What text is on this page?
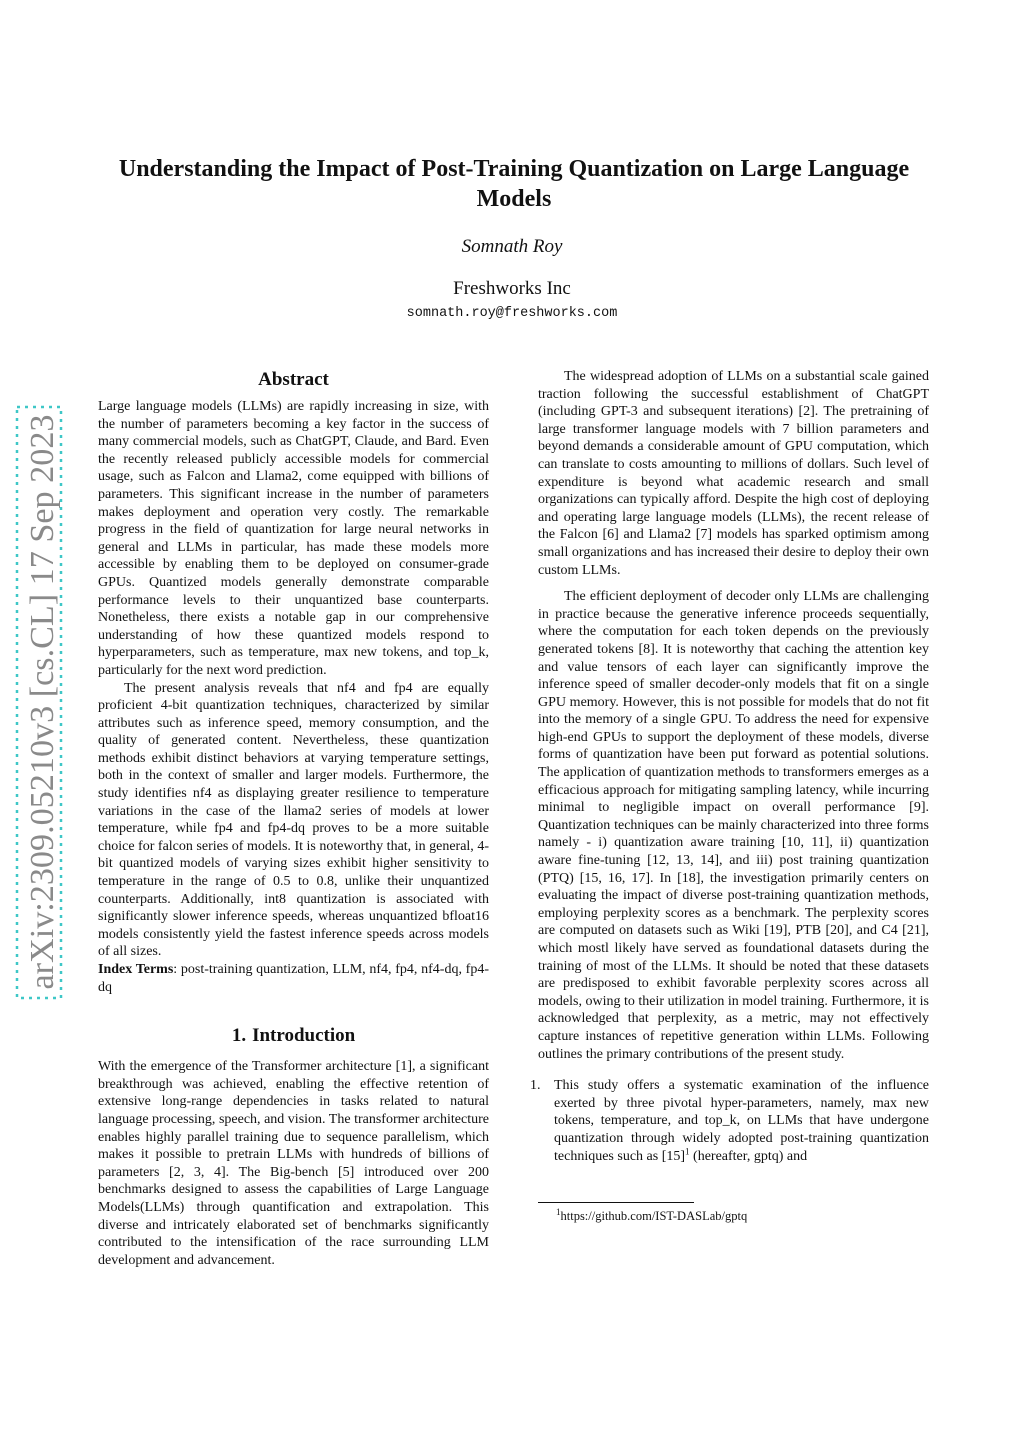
arXiv:2309.05210v3 [cs.CL] 17 Sep 2023
Understanding the Impact of Post-Training Quantization on Large Language Models
Somnath Roy
Freshworks Inc
somnath.roy@freshworks.com
Abstract

Large language models (LLMs) are rapidly increasing in size, with the number of parameters becoming a key factor in the success of many commercial models, such as ChatGPT, Claude, and Bard. Even the recently released publicly accessible models for commercial usage, such as Falcon and Llama2, come equipped with billions of parameters. This significant increase in the number of parameters makes deployment and operation very costly. The remarkable progress in the field of quantization for large neural networks in general and LLMs in particular, has made these models more accessible by enabling them to be deployed on consumer-grade GPUs. Quantized models generally demonstrate comparable performance levels to their unquantized base counterparts. Nonetheless, there exists a notable gap in our comprehensive understanding of how these quantized models respond to hyperparameters, such as temperature, max new tokens, and top_k, particularly for the next word prediction.

The present analysis reveals that nf4 and fp4 are equally proficient 4-bit quantization techniques, characterized by similar attributes such as inference speed, memory consumption, and the quality of generated content. Nevertheless, these quantization methods exhibit distinct behaviors at varying temperature settings, both in the context of smaller and larger models. Furthermore, the study identifies nf4 as displaying greater resilience to temperature variations in the case of the llama2 series of models at lower temperature, while fp4 and fp4-dq proves to be a more suitable choice for falcon series of models. It is noteworthy that, in general, 4-bit quantized models of varying sizes exhibit higher sensitivity to temperature in the range of 0.5 to 0.8, unlike their unquantized counterparts. Additionally, int8 quantization is associated with significantly slower inference speeds, whereas unquantized bfloat16 models consistently yield the fastest inference speeds across models of all sizes.

Index Terms: post-training quantization, LLM, nf4, fp4, nf4-dq, fp4-dq

1. Introduction

With the emergence of the Transformer architecture [1], a significant breakthrough was achieved, enabling the effective retention of extensive long-range dependencies in tasks related to natural language processing, speech, and vision. The transformer architecture enables highly parallel training due to sequence parallelism, which makes it possible to pretrain LLMs with hundreds of billions of parameters [2, 3, 4]. The Big-bench [5] introduced over 200 benchmarks designed to assess the capabilities of Large Language Models(LLMs) through quantification and extrapolation. This diverse and intricately elaborated set of benchmarks significantly contributed to the intensification of the race surrounding LLM development and advancement.

The widespread adoption of LLMs on a substantial scale gained traction following the successful establishment of ChatGPT (including GPT-3 and subsequent iterations) [2]. The pretraining of large transformer language models with 7 billion parameters and beyond demands a considerable amount of GPU computation, which can translate to costs amounting to millions of dollars. Such level of expenditure is beyond what academic research and small organizations can typically afford. Despite the high cost of deploying and operating large language models (LLMs), the recent release of the Falcon [6] and Llama2 [7] models has sparked optimism among small organizations and has increased their desire to deploy their own custom LLMs.

The efficient deployment of decoder only LLMs are challenging in practice because the generative inference proceeds sequentially, where the computation for each token depends on the previously generated tokens [8]. It is noteworthy that caching the attention key and value tensors of each layer can significantly improve the inference speed of smaller decoder-only models that fit on a single GPU memory. However, this is not possible for models that do not fit into the memory of a single GPU. To address the need for expensive high-end GPUs to support the deployment of these models, diverse forms of quantization have been put forward as potential solutions. The application of quantization methods to transformers emerges as a efficacious approach for mitigating sampling latency, while incurring minimal to negligible impact on overall performance [9]. Quantization techniques can be mainly characterized into three forms namely - i) quantization aware training [10, 11], ii) quantization aware fine-tuning [12, 13, 14], and iii) post training quantization (PTQ) [15, 16, 17]. In [18], the investigation primarily centers on evaluating the impact of diverse post-training quantization methods, employing perplexity scores as a benchmark. The perplexity scores are computed on datasets such as Wiki [19], PTB [20], and C4 [21], which mostl likely have served as foundational datasets during the training of most of the LLMs. It should be noted that these datasets are predisposed to exhibit favorable perplexity scores across all models, owing to their utilization in model training. Furthermore, it is acknowledged that perplexity, as a metric, may not effectively capture instances of repetitive generation within LLMs. Following outlines the primary contributions of the present study.

1. This study offers a systematic examination of the influence exerted by three pivotal hyper-parameters, namely, max new tokens, temperature, and top_k, on LLMs that have undergone quantization through widely adopted post-training quantization techniques such as $[15]^1$ (hereafter, gptq) and
$^1$https://github.com/IST-DASLab/gptq
